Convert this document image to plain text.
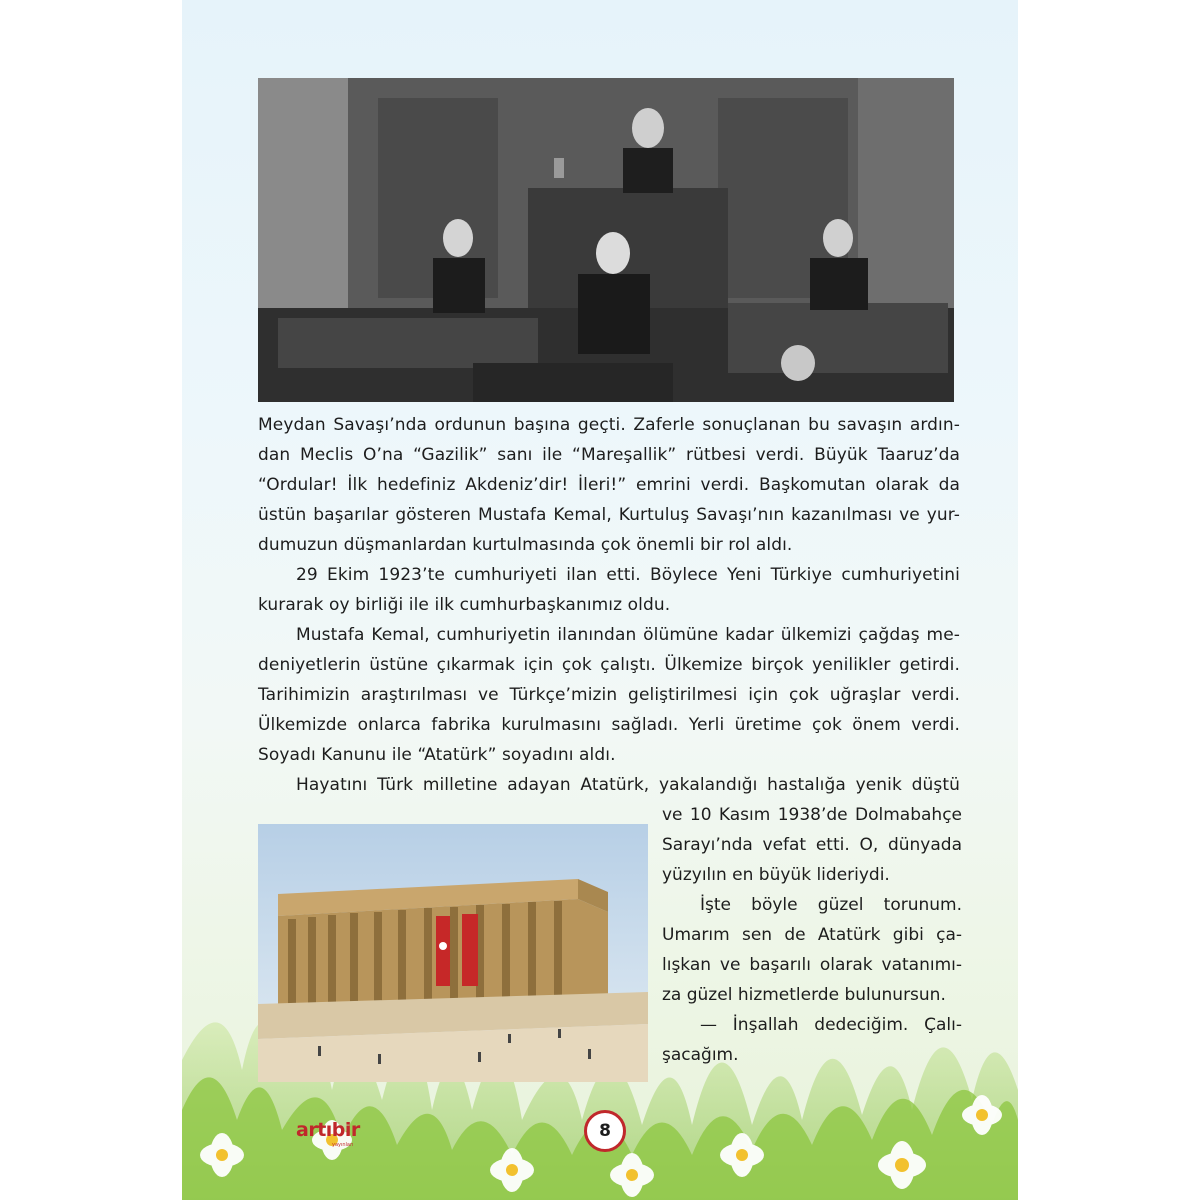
Meydan Savaşı’nda ordunun başına geçti. Zaferle sonuçlanan bu savaşın ardın-
dan Meclis O’na “Gazilik” sanı ile “Mareşallik” rütbesi verdi. Büyük Taaruz’da
“Ordular! İlk hedefiniz Akdeniz’dir! İleri!” emrini verdi. Başkomutan olarak da
üstün başarılar gösteren Mustafa Kemal, Kurtuluş Savaşı’nın kazanılması ve yur-
dumuzun düşmanlardan kurtulmasında çok önemli bir rol aldı.

29 Ekim 1923’te cumhuriyeti ilan etti. Böylece Yeni Türkiye cumhuriyetini
kurarak oy birliği ile ilk cumhurbaşkanımız oldu.

Mustafa Kemal, cumhuriyetin ilanından ölümüne kadar ülkemizi çağdaş me-
deniyetlerin üstüne çıkarmak için çok çalıştı. Ülkemize birçok yenilikler getirdi.
Tarihimizin araştırılması ve Türkçe’mizin geliştirilmesi için çok uğraşlar verdi.
Ülkemizde onlarca fabrika kurulmasını sağladı. Yerli üretime çok önem verdi.
Soyadı Kanunu ile “Atatürk” soyadını aldı.

Hayatını Türk milletine adayan Atatürk, yakalandığı hastalığa yenik düştü

ve 10 Kasım 1938’de Dolmabahçe
Sarayı’nda vefat etti. O, dünyada
yüzyılın en büyük lideriydi.

İşte böyle güzel torunum.
Umarım sen de Atatürk gibi ça-
lışkan ve başarılı olarak vatanımı-
za güzel hizmetlerde bulunursun.

— İnşallah dedeciğim. Çalı-
şacağım.

artıbir
yayınları
8
